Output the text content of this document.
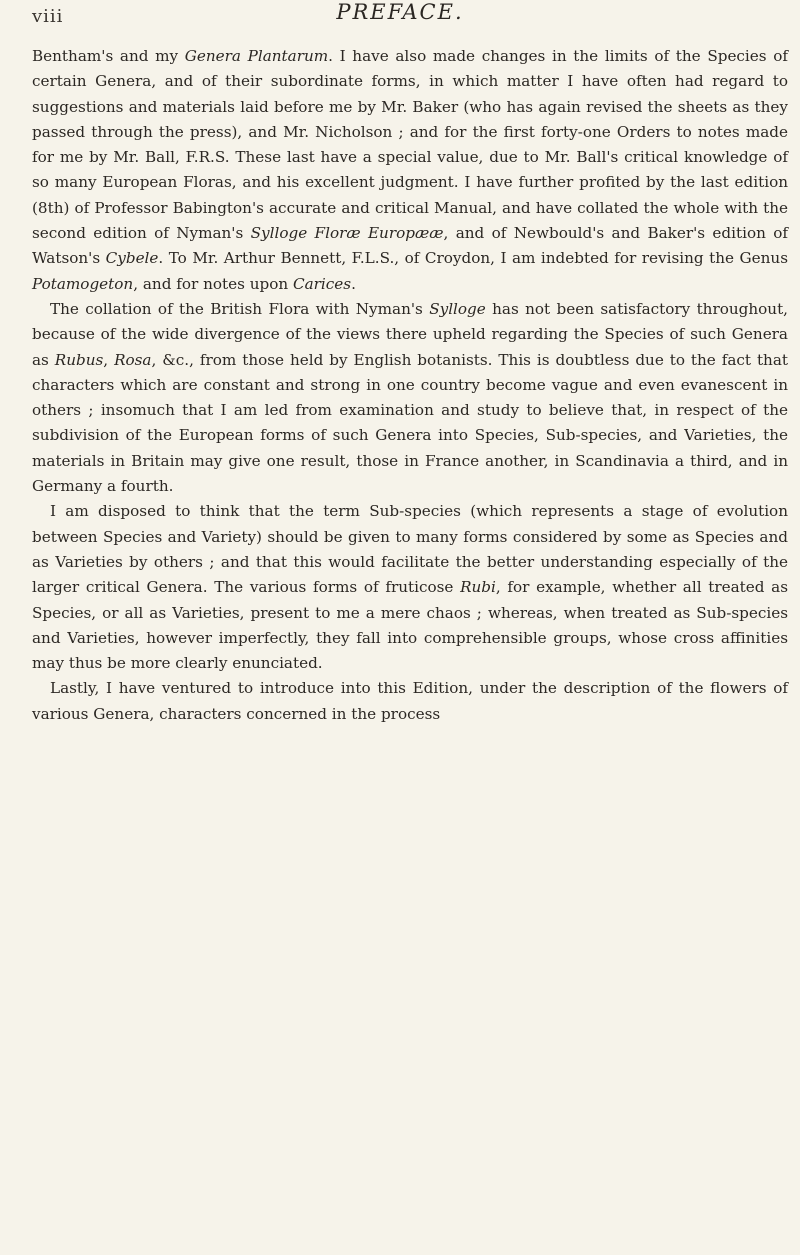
viii	PREFACE.

Bentham's and my Genera Plantarum. I have also made changes in the limits of the Species of certain Genera, and of their subordinate forms, in which matter I have often had regard to suggestions and materials laid before me by Mr. Baker (who has again revised the sheets as they passed through the press), and Mr. Nicholson ; and for the first forty-one Orders to notes made for me by Mr. Ball, F.R.S. These last have a special value, due to Mr. Ball's critical knowledge of so many European Floras, and his excellent judgment. I have further profited by the last edition (8th) of Professor Babington's accurate and critical Manual, and have collated the whole with the second edition of Nyman's Sylloge Floræ Europææ, and of Newbould's and Baker's edition of Watson's Cybele. To Mr. Arthur Bennett, F.L.S., of Croydon, I am indebted for revising the Genus Potamogeton, and for notes upon Carices.

The collation of the British Flora with Nyman's Sylloge has not been satisfactory throughout, because of the wide divergence of the views there upheld regarding the Species of such Genera as Rubus, Rosa, &c., from those held by English botanists. This is doubtless due to the fact that characters which are constant and strong in one country become vague and even evanescent in others ; insomuch that I am led from examination and study to believe that, in respect of the subdivision of the European forms of such Genera into Species, Sub-species, and Varieties, the materials in Britain may give one result, those in France another, in Scandinavia a third, and in Germany a fourth.

I am disposed to think that the term Sub-species (which represents a stage of evolution between Species and Variety) should be given to many forms considered by some as Species and as Varieties by others ; and that this would facilitate the better understanding especially of the larger critical Genera. The various forms of fruticose Rubi, for example, whether all treated as Species, or all as Varieties, present to me a mere chaos ; whereas, when treated as Sub-species and Varieties, however imperfectly, they fall into comprehensible groups, whose cross affinities may thus be more clearly enunciated.

Lastly, I have ventured to introduce into this Edition, under the description of the flowers of various Genera, characters concerned in the process
